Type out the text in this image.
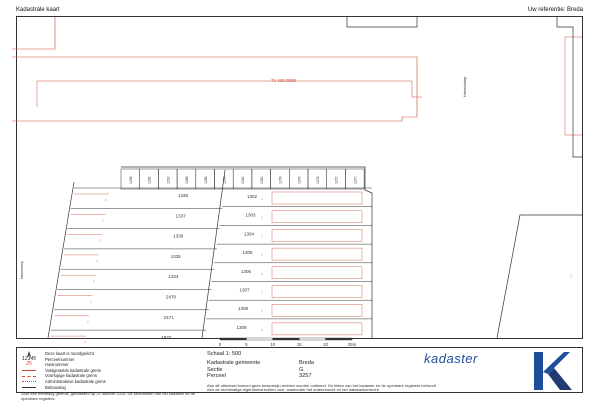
Kadastrale kaart	Uw referentie: Breda
71 420 0000	Haverkamp
□
Haverkamp
1294	1292	1290	1288	1286	1284	1282	1280	1278	1276	1274	1272	1270
□
1338
□
1337
□
1336
□
1335
□
1334
□
2470
□
2471
□
1932
□
1302
□
1303
□
1304
□
1305
□
1306
□
1307
□
1308
□
1309
0	5	10	15	20	25m
Deze kaart is noordgericht
12345 Perceelnummer
25	Huisnummer
Vastgestelde kadastrale grens
Voorlopige kadastrale grens
Administratieve kadastrale grens
Bebouwing
Voor een eenmalig gebruik, gebaseerd op 22 oktober 2025. De kenmerken van het kadaster en de openbare registers.
Schaal 1: 500
Kadastrale gemeente	Breda
Sectie	G
Perceel	3257
Aan dit uittreksel kunnen geen bewustzijn rechten worden ontleend. De feiten van het kadaster en de openbare registers behoudt zich de rechtmatige eigendomsrechten voor, waaronder het auteursrecht en het databankenrecht.
kadaster
